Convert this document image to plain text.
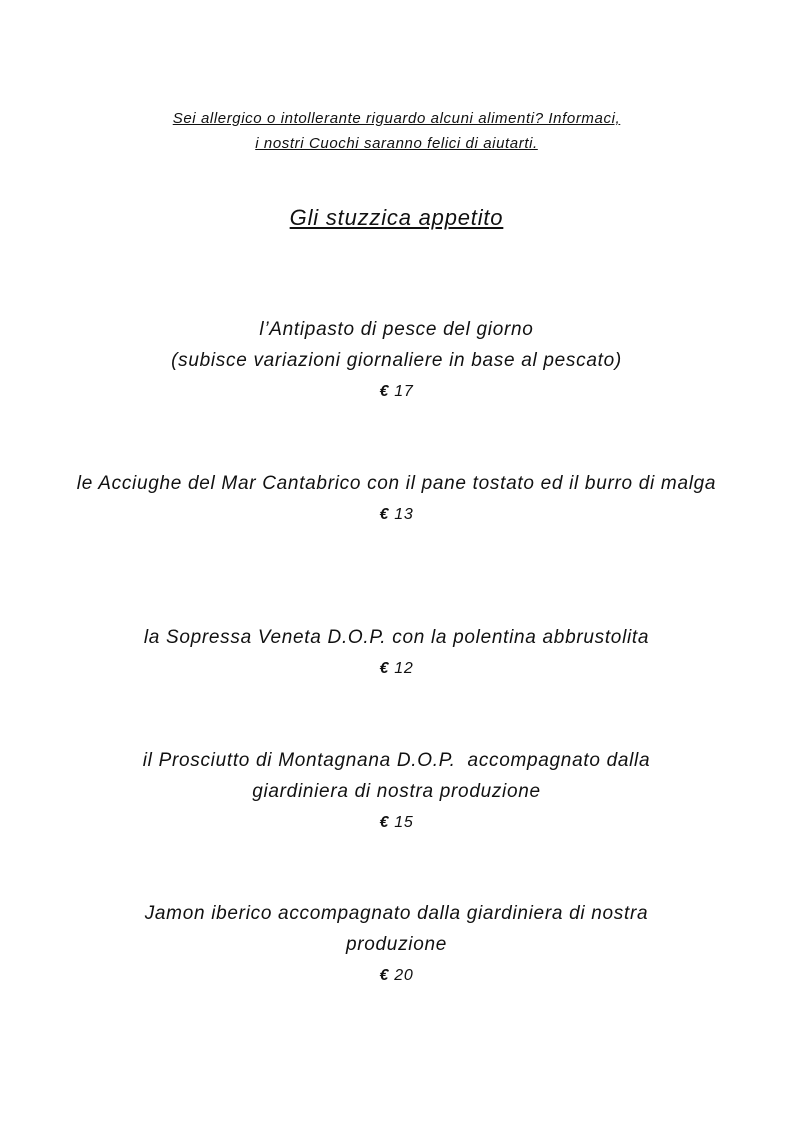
Sei allergico o intollerante riguardo alcuni alimenti? Informaci,
i nostri Cuochi saranno felici di aiutarti.
Gli stuzzica appetito
l’Antipasto di pesce del giorno
(subisce variazioni giornaliere in base al pescato)
€ 17
le Acciughe del Mar Cantabrico con il pane tostato ed il burro di malga
€ 13
la Sopressa Veneta D.O.P. con la polentina abbrustolita
€ 12
il Prosciutto di Montagnana D.O.P.  accompagnato dalla giardiniera di nostra produzione
€ 15
Jamon iberico accompagnato dalla giardiniera di nostra produzione
€ 20
